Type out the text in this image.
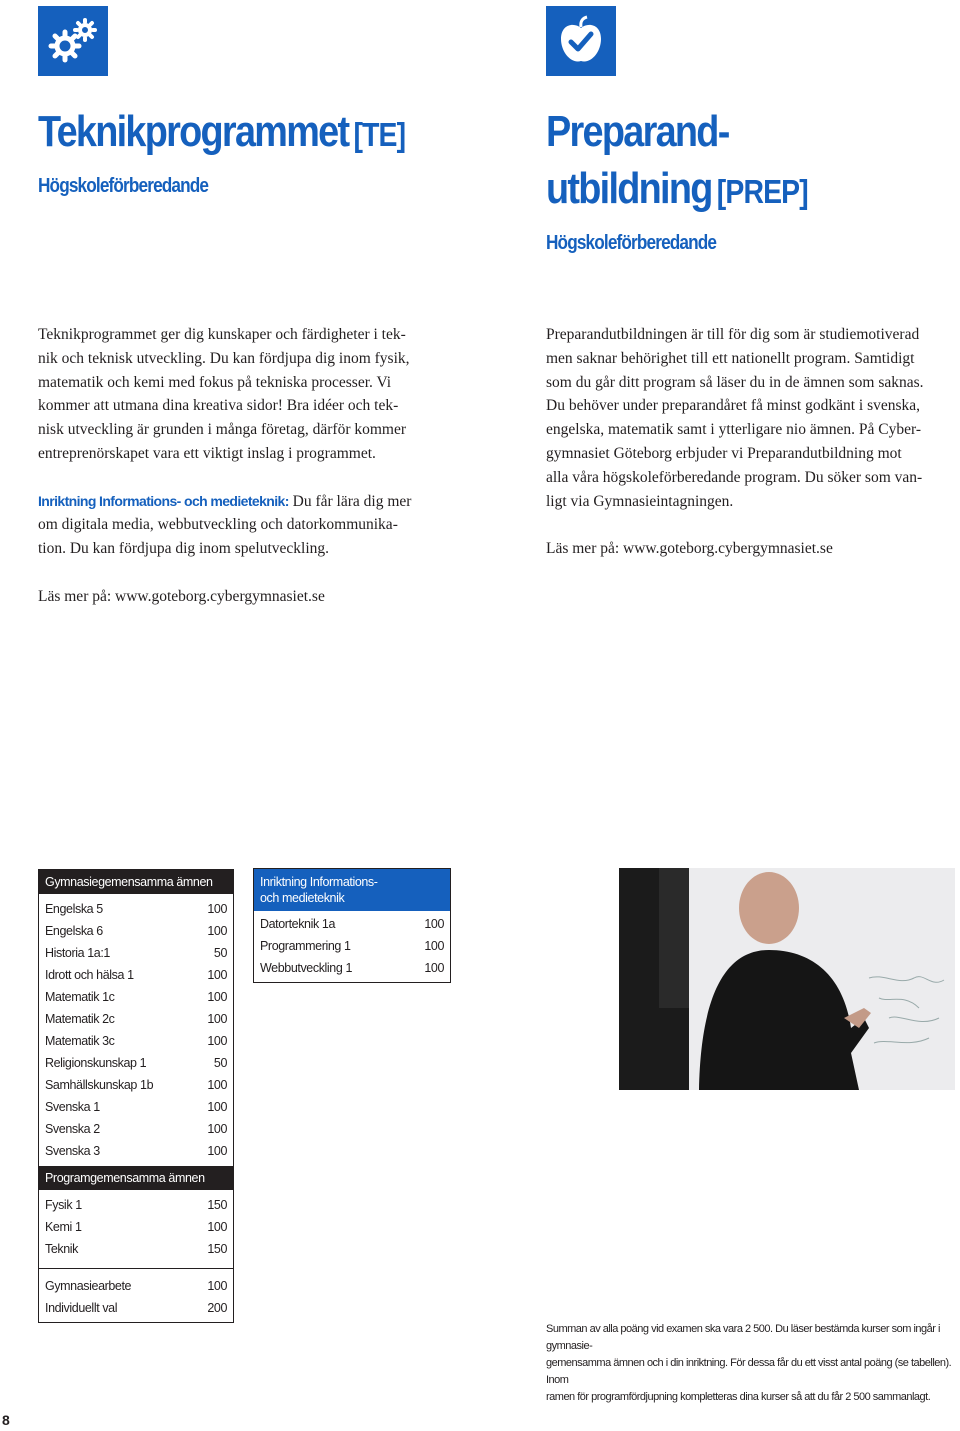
Teknikprogrammet [TE]
Högskoleförberedande
Preparand-
utbildning [PREP]
Högskoleförberedande

Teknikprogrammet ger dig kunskaper och färdigheter i tek-

nik och teknisk utveckling. Du kan fördjupa dig inom fysik,

matematik och kemi med fokus på tekniska processer. Vi

kommer att utmana dina kreativa sidor! Bra idéer och tek-

nisk utveckling är grunden i många företag, därför kommer

entreprenörskapet vara ett viktigt inslag i programmet.

Inriktning Informations- och medieteknik: Du får lära dig mer

om digitala media, webbutveckling och datorkommunika-

tion. Du kan fördjupa dig inom spelutveckling.

Läs mer på: www.goteborg.cybergymnasiet.se

Preparandutbildningen är till för dig som är studiemotiverad

men saknar behörighet till ett nationellt program. Samtidigt

som du går ditt program så läser du in de ämnen som saknas.

Du behöver under preparandåret få minst godkänt i svenska,

engelska, matematik samt i ytterligare nio ämnen. På Cyber-

gymnasiet Göteborg erbjuder vi Preparandutbildning mot

alla våra högskoleförberedande program. Du söker som van-

ligt via Gymnasieintagningen.

Läs mer på: www.goteborg.cybergymnasiet.se

Gymnasiegemensamma ämnen	

Engelska 5	100
Engelska 6	100
Historia 1a:1	50
Idrott och hälsa 1	100
Matematik 1c	100
Matematik 2c	100
Matematik 3c	100
Religionskunskap 1	50
Samhällskunskap 1b	100
Svenska 1	100
Svenska 2	100
Svenska 3	100

Programgemensamma ämnen	

Fysik 1	150
Kemi 1	100
Teknik	150

Gymnasiearbete	100
Individuellt val	200

Inriktning Informations-
och medieteknik
Datorteknik 1a	100
Programmering 1	100
Webbutveckling 1	100
Summan av alla poäng vid examen ska vara 2 500. Du läser bestämda kurser som ingår i gymnasie-
gemensamma ämnen och i din inriktning. För dessa får du ett visst antal poäng (se tabellen). Inom
ramen för programfördjupning kompletteras dina kurser så att du får 2 500 sammanlagt.
8
